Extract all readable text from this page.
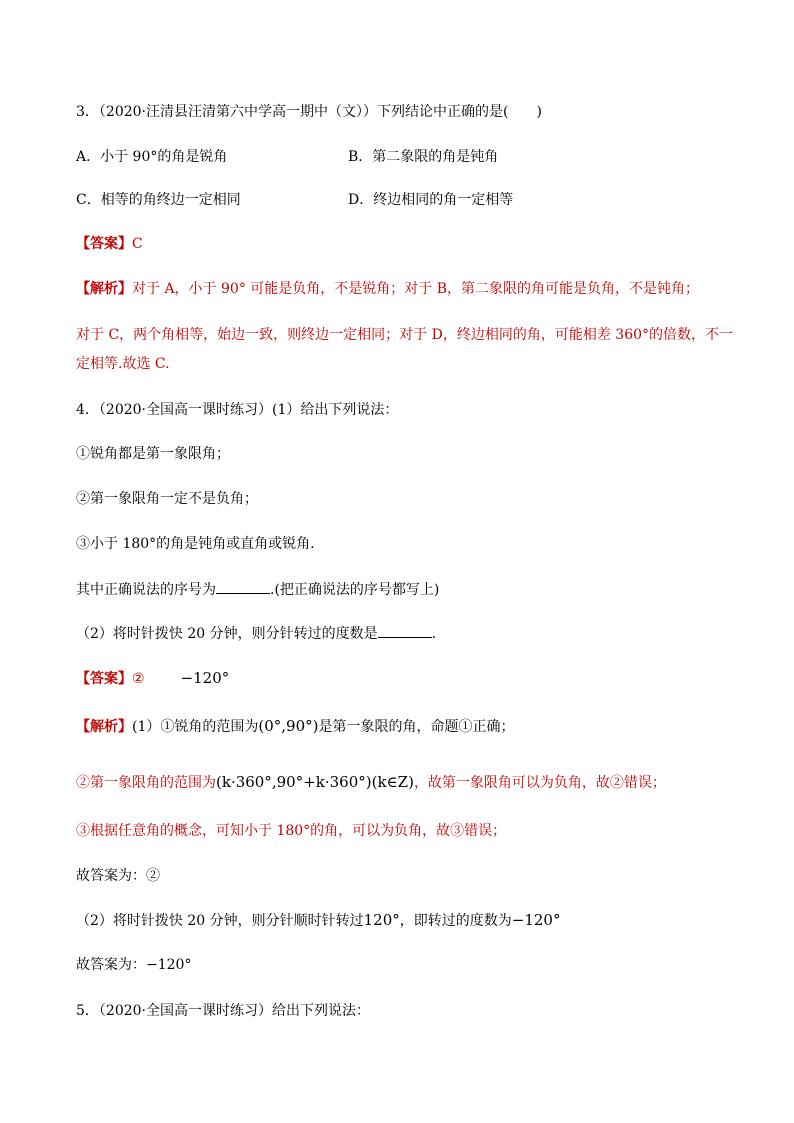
3．（2020·汪清县汪清第六中学高一期中（文））下列结论中正确的是(　　)
A．小于 90°的角是锐角	B．第二象限的角是钝角
C．相等的角终边一定相同	D．终边相同的角一定相等
【答案】C
【解析】对于 A，小于 90° 可能是负角，不是锐角；对于 B，第二象限的角可能是负角，不是钝角；
对于 C，两个角相等，始边一致，则终边一定相同；对于 D，终边相同的角，可能相差 360°的倍数，不一
定相等.故选 C.
4．（2020·全国高一课时练习）(1）给出下列说法：
①锐角都是第一象限角；
②第一象限角一定不是负角；
③小于 180°的角是钝角或直角或锐角.
其中正确说法的序号为	.(把正确说法的序号都写上)
（2）将时针拨快 20 分钟，则分针转过的度数是	.
【答案】② −120°
【解析】(1）①锐角的范围为(0°,90°)是第一象限的角，命题①正确；
②第一象限角的范围为(k·360°,90°+k·360°)(k∈Z)，故第一象限角可以为负角，故②错误；
③根据任意角的概念，可知小于 180°的角，可以为负角，故③错误；
故答案为：②
（2）将时针拨快 20 分钟，则分针顺时针转过120°，即转过的度数为−120°
故答案为：−120°
5．（2020·全国高一课时练习）给出下列说法：
